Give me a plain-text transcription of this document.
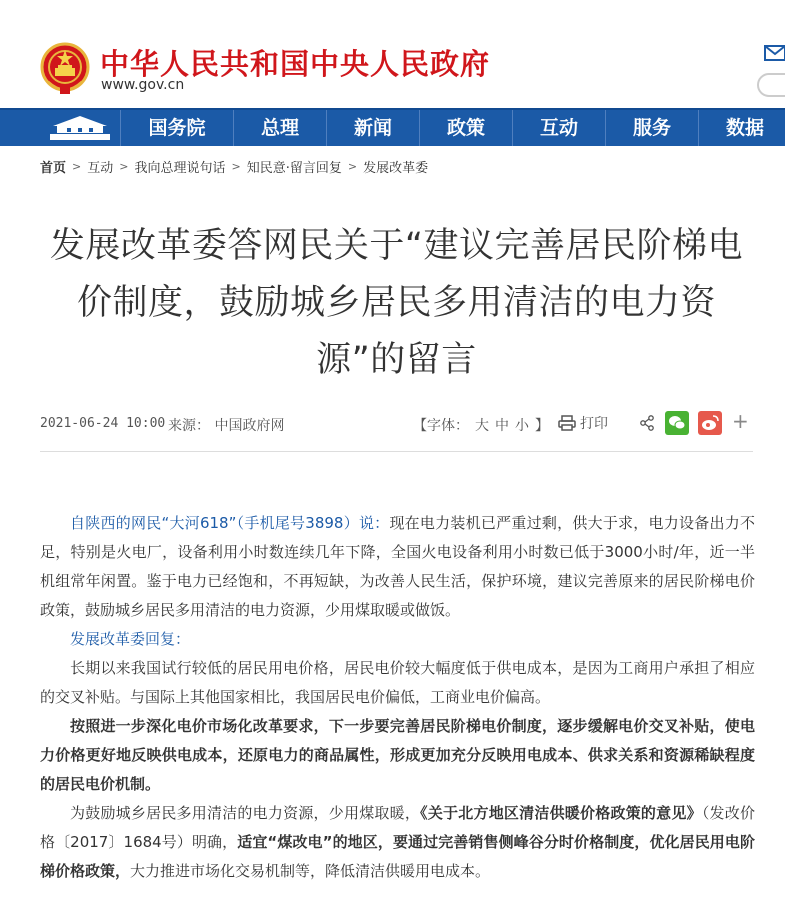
中华人民共和国中央人民政府
www.gov.cn
国务院	总理	新闻	政策	互动	服务	数据
首页 > 互动 > 我向总理说句话 > 知民意·留言回复 > 发展改革委
发展改革委答网民关于“建议完善居民阶梯电价制度，鼓励城乡居民多用清洁的电力资源”的留言
2021-06-24 10:00 来源： 中国政府网	【字体： 大 中 小 】 打印	+

自陕西的网民“大河618”（手机尾号3898）说：现在电力装机已严重过剩，供大于求，电力设备出力不足，特别是火电厂，设备利用小时数连续几年下降，全国火电设备利用小时数已低于3000小时/年，近一半机组常年闲置。鉴于电力已经饱和，不再短缺，为改善人民生活，保护环境，建议完善原来的居民阶梯电价政策，鼓励城乡居民多用清洁的电力资源，少用煤取暖或做饭。

发展改革委回复：

长期以来我国试行较低的居民用电价格，居民电价较大幅度低于供电成本，是因为工商用户承担了相应的交叉补贴。与国际上其他国家相比，我国居民电价偏低，工商业电价偏高。

按照进一步深化电价市场化改革要求，下一步要完善居民阶梯电价制度，逐步缓解电价交叉补贴，使电力价格更好地反映供电成本，还原电力的商品属性，形成更加充分反映用电成本、供求关系和资源稀缺程度的居民电价机制。

为鼓励城乡居民多用清洁的电力资源，少用煤取暖，《关于北方地区清洁供暖价格政策的意见》（发改价格〔2017〕1684号）明确，适宜“煤改电”的地区，要通过完善销售侧峰谷分时价格制度，优化居民用电阶梯价格政策，大力推进市场化交易机制等，降低清洁供暖用电成本。
